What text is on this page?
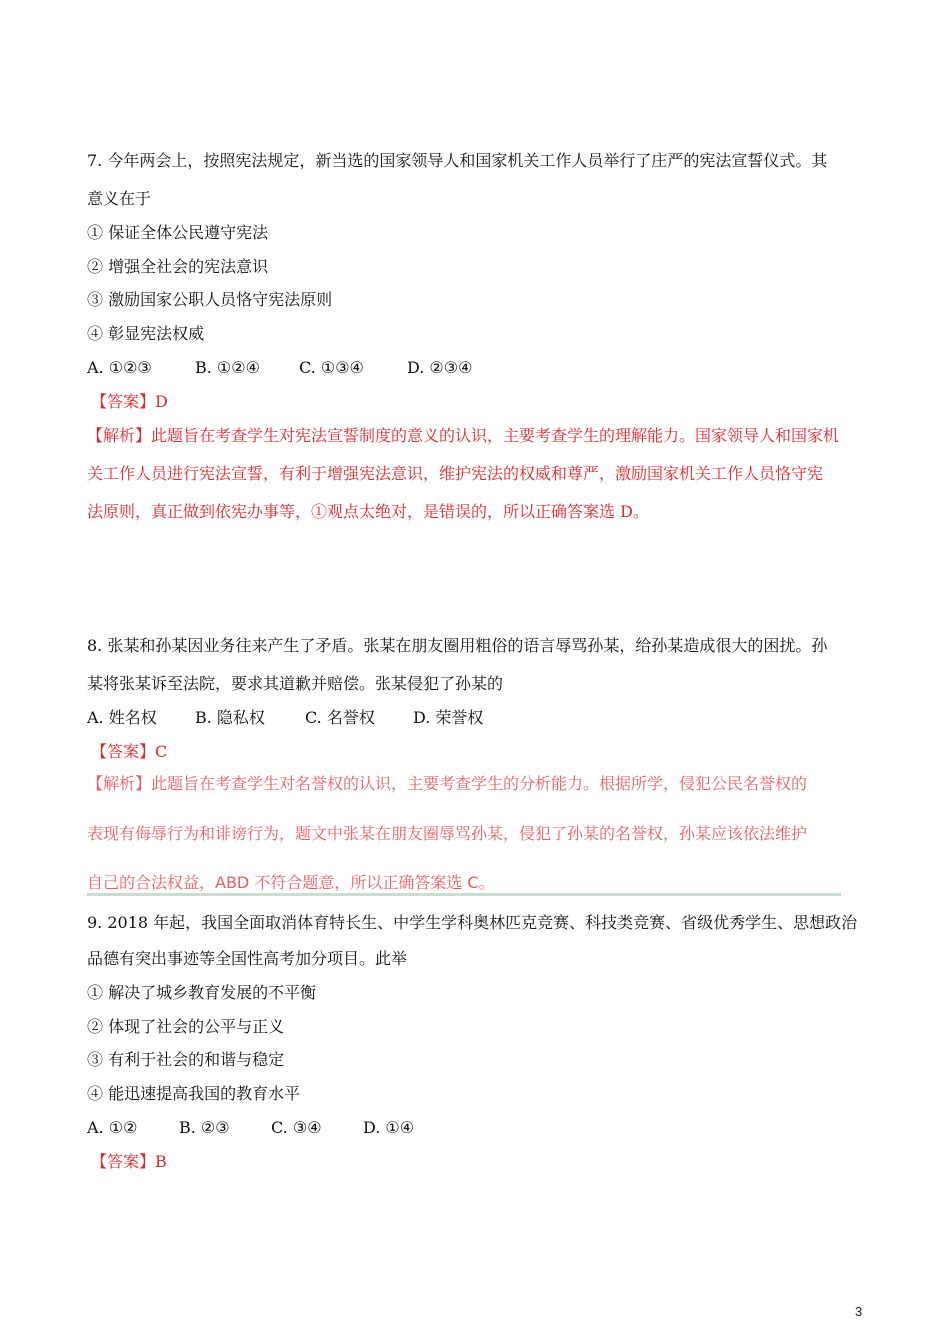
7. 今年两会上，按照宪法规定，新当选的国家领导人和国家机关工作人员举行了庄严的宪法宣誓仪式。其
意义在于
① 保证全体公民遵守宪法
② 增强全社会的宪法意识
③ 激励国家公职人员恪守宪法原则
④ 彰显宪法权威
A. ①②③	B. ①②④ C. ①③④	D. ②③④
【答案】D
【解析】此题旨在考查学生对宪法宣誓制度的意义的认识，主要考查学生的理解能力。国家领导人和国家机
关工作人员进行宪法宣誓，有利于增强宪法意识，维护宪法的权威和尊严，激励国家机关工作人员恪守宪
法原则，真正做到依宪办事等，①观点太绝对，是错误的，所以正确答案选 D。
8. 张某和孙某因业务往来产生了矛盾。张某在朋友圈用粗俗的语言辱骂孙某，给孙某造成很大的困扰。孙
某将张某诉至法院，要求其道歉并赔偿。张某侵犯了孙某的
A. 姓名权 B. 隐私权	C. 名誉权 D. 荣誉权
【答案】C
【解析】此题旨在考查学生对名誉权的认识，主要考查学生的分析能力。根据所学，侵犯公民名誉权的
表现有侮辱行为和诽谤行为，题文中张某在朋友圈辱骂孙某，侵犯了孙某的名誉权，孙某应该依法维护
自己的合法权益，ABD 不符合题意，所以正确答案选 C。
9. 2018 年起，我国全面取消体育特长生、中学生学科奥林匹克竞赛、科技类竞赛、省级优秀学生、思想政治
品德有突出事迹等全国性高考加分项目。此举
① 解决了城乡教育发展的不平衡
② 体现了社会的公平与正义
③ 有利于社会的和谐与稳定
④ 能迅速提高我国的教育水平
A. ①②	B. ②③	C. ③④	D. ①④
【答案】B
3
